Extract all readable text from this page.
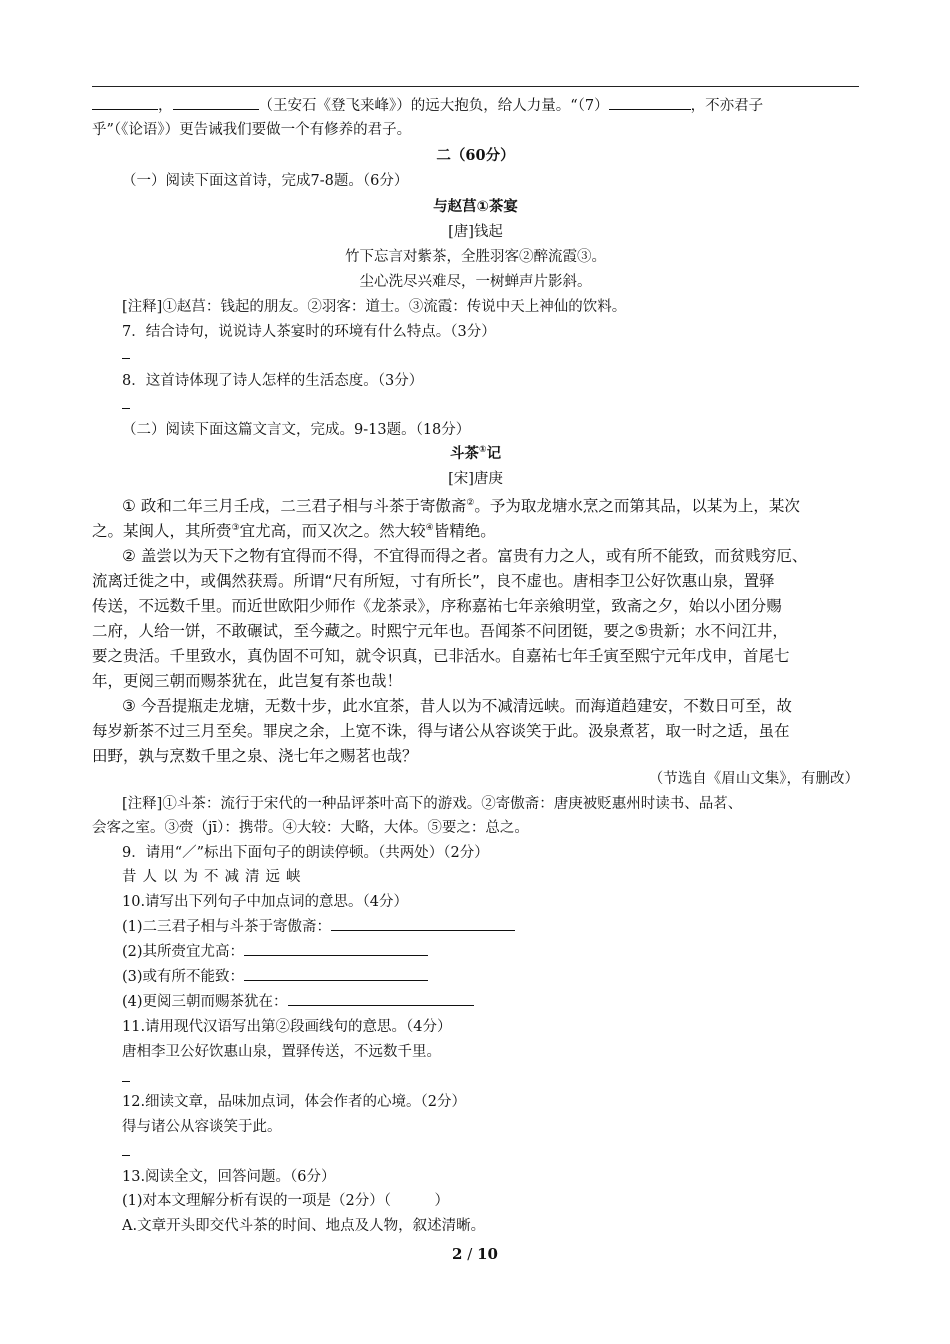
，	（王安石《登飞来峰》）的远大抱负，给人力量。“（7）	，不亦君子
乎”（《论语》）更告诫我们要做一个有修养的君子。
二（60分）
（一）阅读下面这首诗，完成7-8题。（6分）
与赵莒①茶宴
[唐]钱起
竹下忘言对紫茶，全胜羽客②醉流霞③。
尘心洗尽兴难尽，一树蝉声片影斜。
[注释]①赵莒：钱起的朋友。②羽客：道士。③流霞：传说中天上神仙的饮料。
7．结合诗句，说说诗人茶宴时的环境有什么特点。（3分）
8．这首诗体现了诗人怎样的生活态度。（3分）
（二）阅读下面这篇文言文，完成。9-13题。（18分）
斗茶①记
[宋]唐庚
① 政和二年三月壬戌，二三君子相与斗茶于寄傲斋②。予为取龙塘水烹之而第其品，以某为上，某次
之。某闽人，其所赍③宜尤高，而又次之。然大较④皆精绝。
② 盖尝以为天下之物有宜得而不得，不宜得而得之者。富贵有力之人，或有所不能致，而贫贱穷厄、
流离迁徙之中，或偶然获焉。所谓“尺有所短，寸有所长”，良不虚也。唐相李卫公好饮惠山泉，置驿
传送，不远数千里。而近世欧阳少师作《龙茶录》，序称嘉祐七年亲飨明堂，致斋之夕，始以小团分赐
二府，人给一饼，不敢碾试，至今藏之。时熙宁元年也。吾闻茶不问团铤，要之⑤贵新；水不问江井，
要之贵活。千里致水，真伪固不可知，就令识真，已非活水。自嘉祐七年壬寅至熙宁元年戊申，首尾七
年，更阅三朝而赐茶犹在，此岂复有茶也哉！
③ 今吾提瓶走龙塘，无数十步，此水宜茶，昔人以为不减清远峡。而海道趋建安，不数日可至，故
每岁新茶不过三月至矣。罪戾之余，上宽不诛，得与诸公从容谈笑于此。汲泉煮茗，取一时之适，虽在
田野，孰与烹数千里之泉、浇七年之赐茗也哉？
（节选自《眉山文集》，有删改）
[注释]①斗茶：流行于宋代的一种品评茶叶高下的游戏。②寄傲斋：唐庚被贬惠州时读书、品茗、
会客之室。③赍（jī）：携带。④大较：大略，大体。⑤要之：总之。
9．请用“／”标出下面句子的朗读停顿。（共两处）（2分）
昔人以为不减清远峡
10.请写出下列句子中加点词的意思。（4分）
(1)二三君子相与斗茶于寄傲斋：
(2)其所赍宜尤高：
(3)或有所不能致：
(4)更阅三朝而赐茶犹在：
11.请用现代汉语写出第②段画线句的意思。（4分）
唐相李卫公好饮惠山泉，置驿传送，不远数千里。
12.细读文章，品味加点词，体会作者的心境。（2分）
得与诸公从容谈笑于此。
13.阅读全文，回答问题。（6分）
(1)对本文理解分析有误的一项是（2分）（　　　）
A.文章开头即交代斗茶的时间、地点及人物，叙述清晰。
2 / 10
